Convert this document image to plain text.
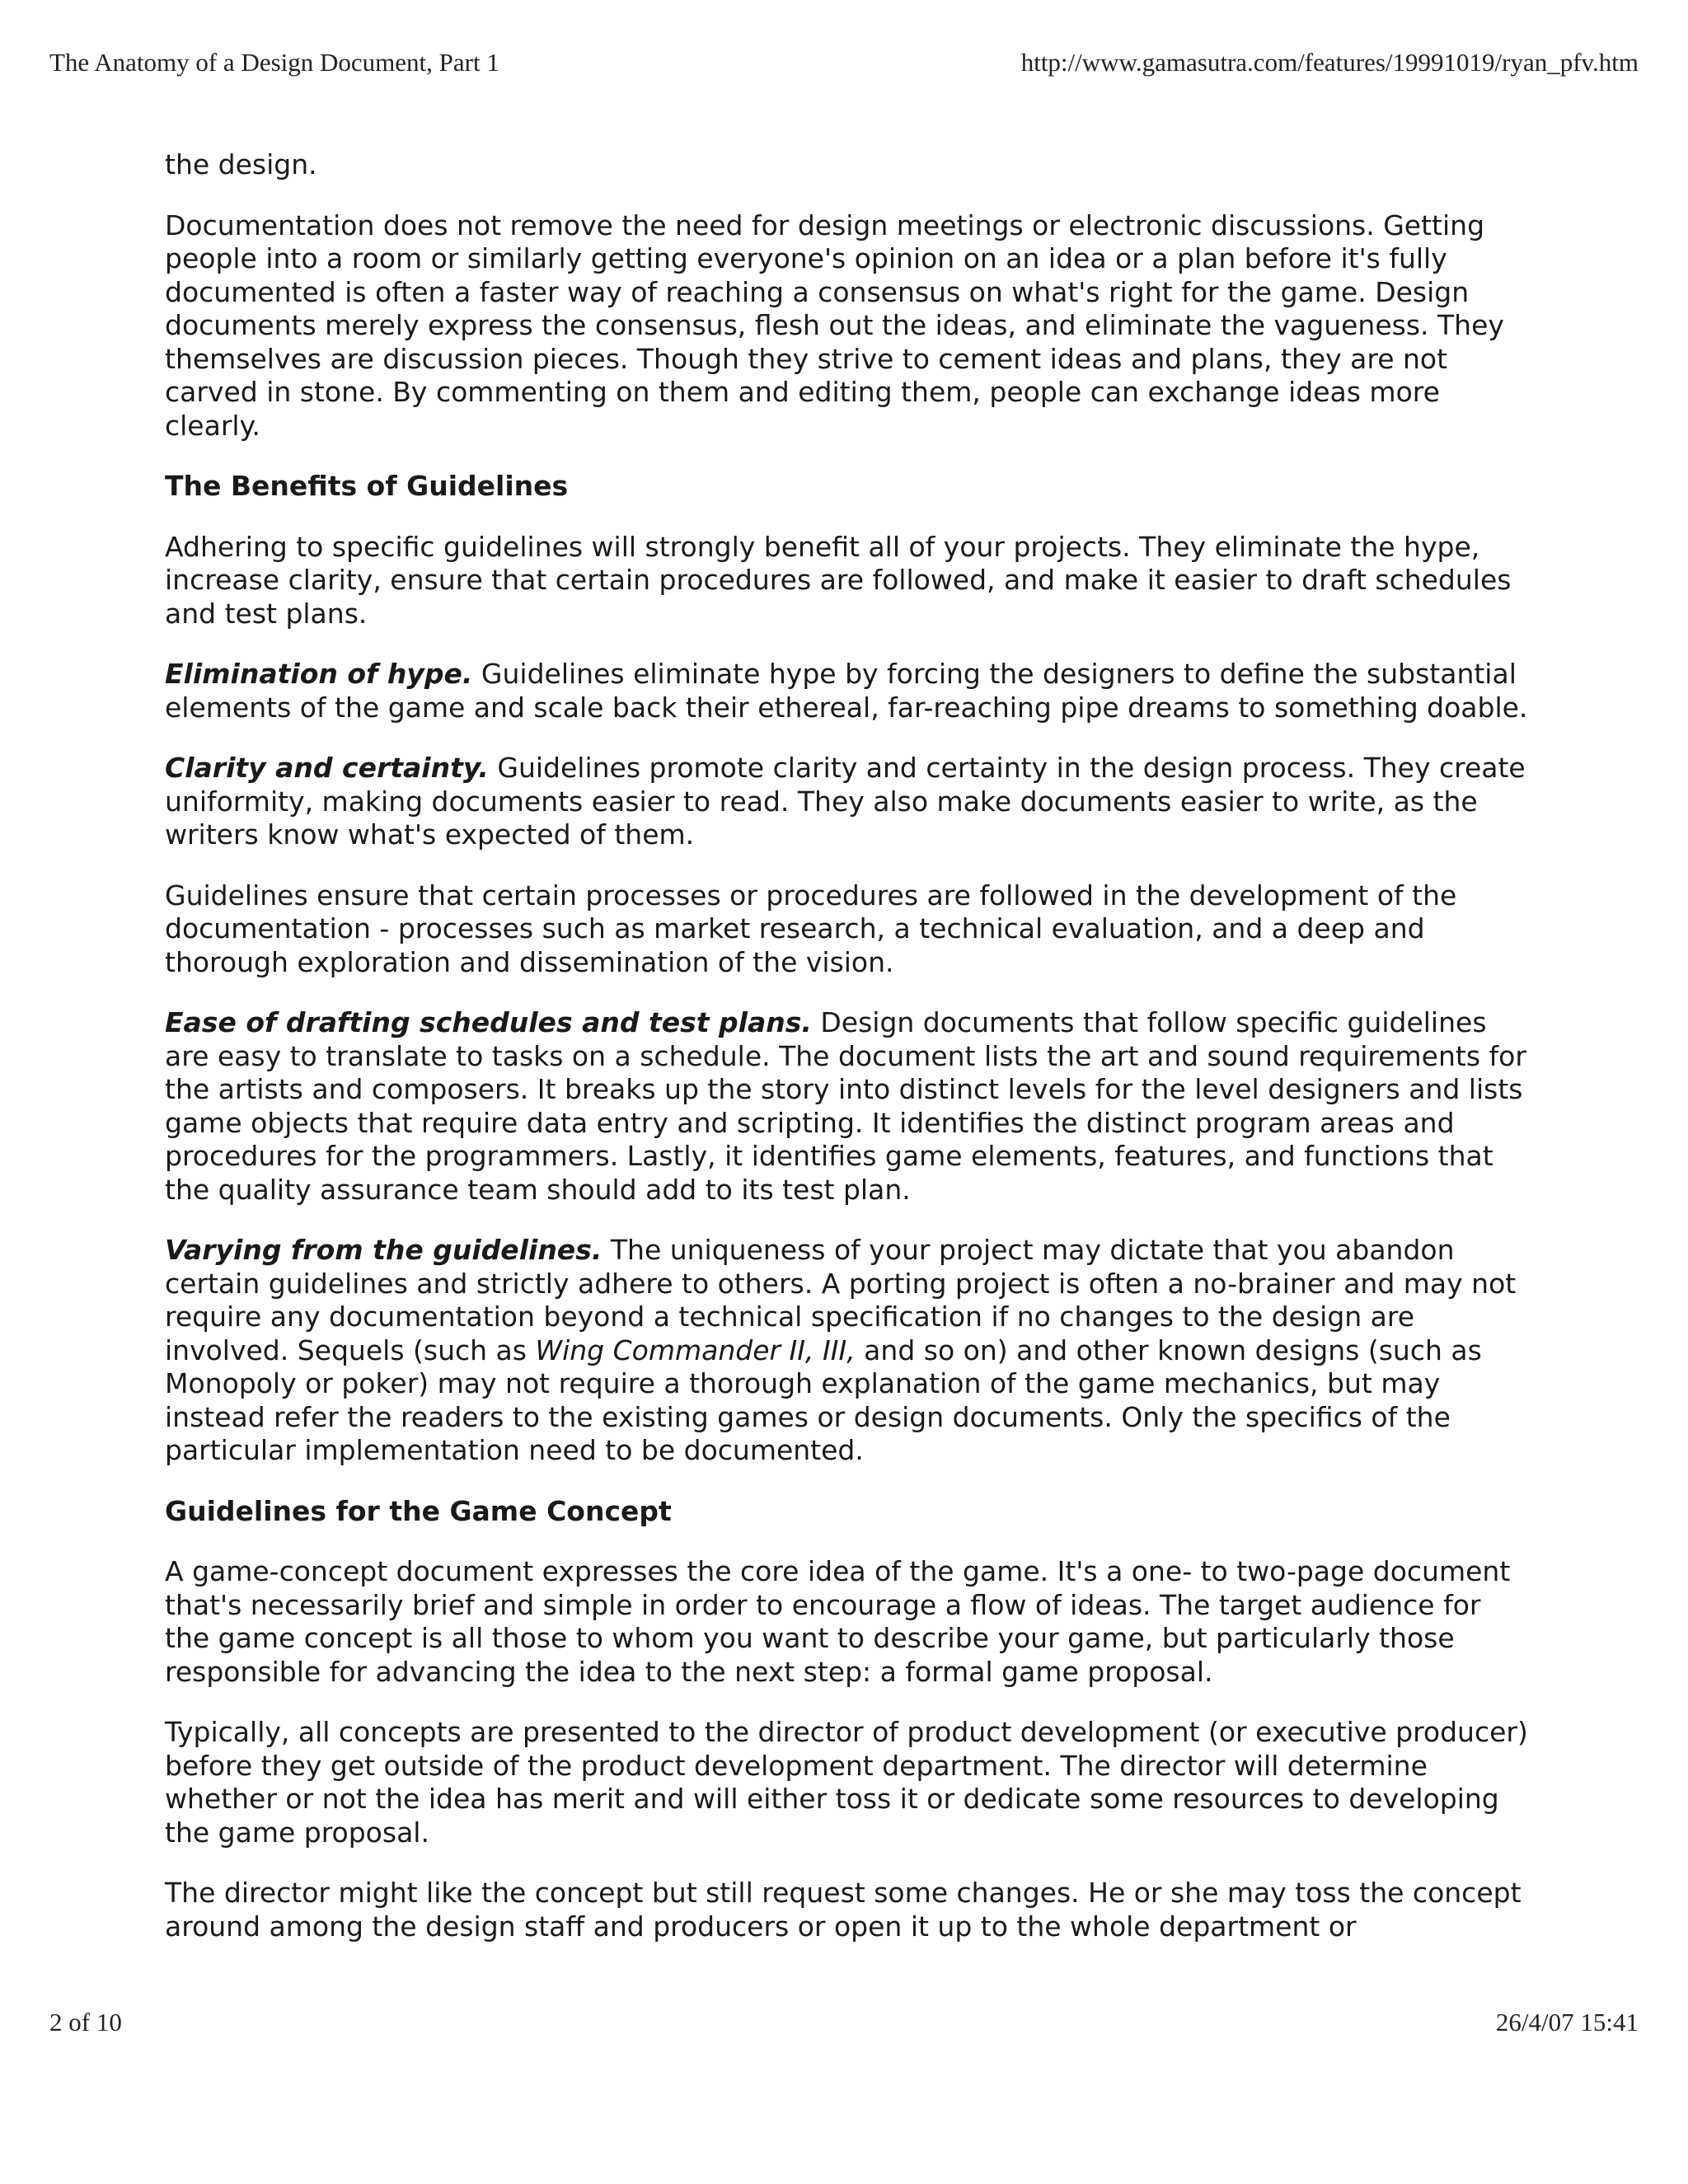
The Anatomy of a Design Document, Part 1	http://www.gamasutra.com/features/19991019/ryan_pfv.htm

the design.

Documentation does not remove the need for design meetings or electronic discussions. Getting people into a room or similarly getting everyone's opinion on an idea or a plan before it's fully documented is often a faster way of reaching a consensus on what's right for the game. Design documents merely express the consensus, flesh out the ideas, and eliminate the vagueness. They themselves are discussion pieces. Though they strive to cement ideas and plans, they are not carved in stone. By commenting on them and editing them, people can exchange ideas more clearly.

The Benefits of Guidelines

Adhering to specific guidelines will strongly benefit all of your projects. They eliminate the hype, increase clarity, ensure that certain procedures are followed, and make it easier to draft schedules and test plans.

Elimination of hype. Guidelines eliminate hype by forcing the designers to define the substantial elements of the game and scale back their ethereal, far-reaching pipe dreams to something doable.

Clarity and certainty. Guidelines promote clarity and certainty in the design process. They create uniformity, making documents easier to read. They also make documents easier to write, as the writers know what's expected of them.

Guidelines ensure that certain processes or procedures are followed in the development of the documentation - processes such as market research, a technical evaluation, and a deep and thorough exploration and dissemination of the vision.

Ease of drafting schedules and test plans. Design documents that follow specific guidelines are easy to translate to tasks on a schedule. The document lists the art and sound requirements for the artists and composers. It breaks up the story into distinct levels for the level designers and lists game objects that require data entry and scripting. It identifies the distinct program areas and procedures for the programmers. Lastly, it identifies game elements, features, and functions that the quality assurance team should add to its test plan.

Varying from the guidelines. The uniqueness of your project may dictate that you abandon certain guidelines and strictly adhere to others. A porting project is often a no-brainer and may not require any documentation beyond a technical specification if no changes to the design are involved. Sequels (such as Wing Commander II, III, and so on) and other known designs (such as Monopoly or poker) may not require a thorough explanation of the game mechanics, but may instead refer the readers to the existing games or design documents. Only the specifics of the particular implementation need to be documented.

Guidelines for the Game Concept

A game-concept document expresses the core idea of the game. It's a one- to two-page document that's necessarily brief and simple in order to encourage a flow of ideas. The target audience for the game concept is all those to whom you want to describe your game, but particularly those responsible for advancing the idea to the next step: a formal game proposal.

Typically, all concepts are presented to the director of product development (or executive producer) before they get outside of the product development department. The director will determine whether or not the idea has merit and will either toss it or dedicate some resources to developing the game proposal.

The director might like the concept but still request some changes. He or she may toss the concept around among the design staff and producers or open it up to the whole department or

2 of 10	26/4/07 15:41
